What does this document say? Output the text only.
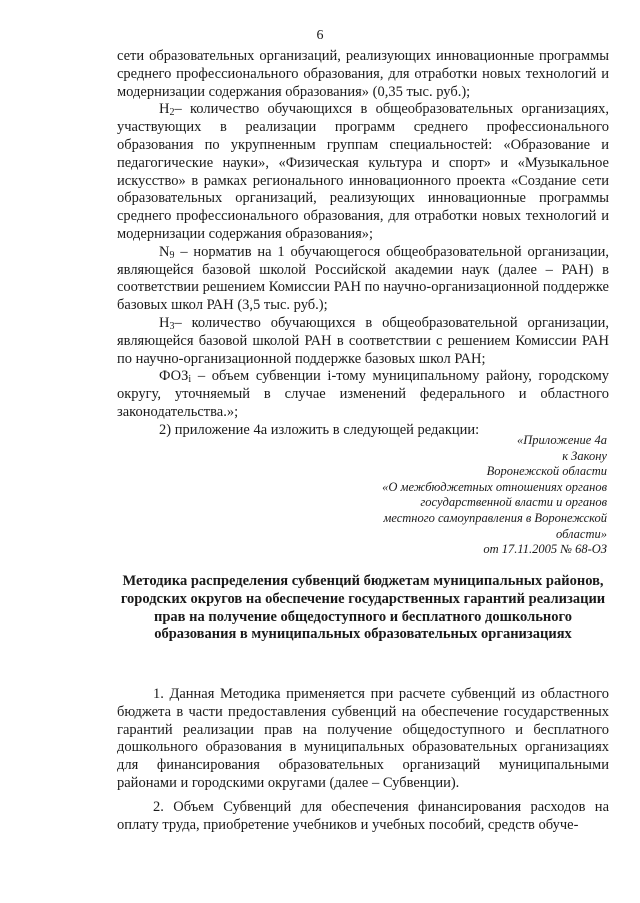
6

сети образовательных организаций, реализующих инновационные программы среднего профессионального образования, для отработки новых технологий и модернизации содержания образования» (0,35 тыс. руб.);

$Н_2-$ количество обучающихся в общеобразовательных организациях, участвующих в реализации программ среднего профессионального образования по укрупненным группам специальностей: «Образование и педагогические науки», «Физическая культура и спорт» и «Музыкальное искусство» в рамках регионального инновационного проекта «Создание сети образовательных организаций, реализующих инновационные программы среднего профессионального образования, для отработки новых технологий и модернизации содержания образования»;

$N_9$ – норматив на 1 обучающегося общеобразовательной организации, являющейся базовой школой Российской академии наук (далее – РАН) в соответствии решением Комиссии РАН по научно-организационной поддержке базовых школ РАН (3,5 тыс. руб.);

$Н_3-$ количество обучающихся в общеобразовательной организации, являющейся базовой школой РАН в соответствии с решением Комиссии РАН по научно-организационной поддержке базовых школ РАН;

$ФОЗ_i$ – объем субвенции i-тому муниципальному району, городскому округу, уточняемый в случае изменений федерального и областного законодательства.»;

2) приложение 4а изложить в следующей редакции:

«Приложение 4а
к Закону
Воронежской области
«О межбюджетных отношениях органов
государственной власти и органов
местного самоуправления в Воронежской
области»
от 17.11.2005 № 68-ОЗ
Методика распределения субвенций бюджетам муниципальных районов, городских округов на обеспечение государственных гарантий реализации прав на получение общедоступного и бесплатного дошкольного образования в муниципальных образовательных организациях

1. Данная Методика применяется при расчете субвенций из областного бюджета в части предоставления субвенций на обеспечение государственных гарантий реализации прав на получение общедоступного и бесплатного дошкольного образования в муниципальных образовательных организациях для финансирования образовательных организаций муниципальными районами и городскими округами (далее – Субвенции).

2. Объем Субвенций для обеспечения финансирования расходов на оплату труда, приобретение учебников и учебных пособий, средств обуче-
